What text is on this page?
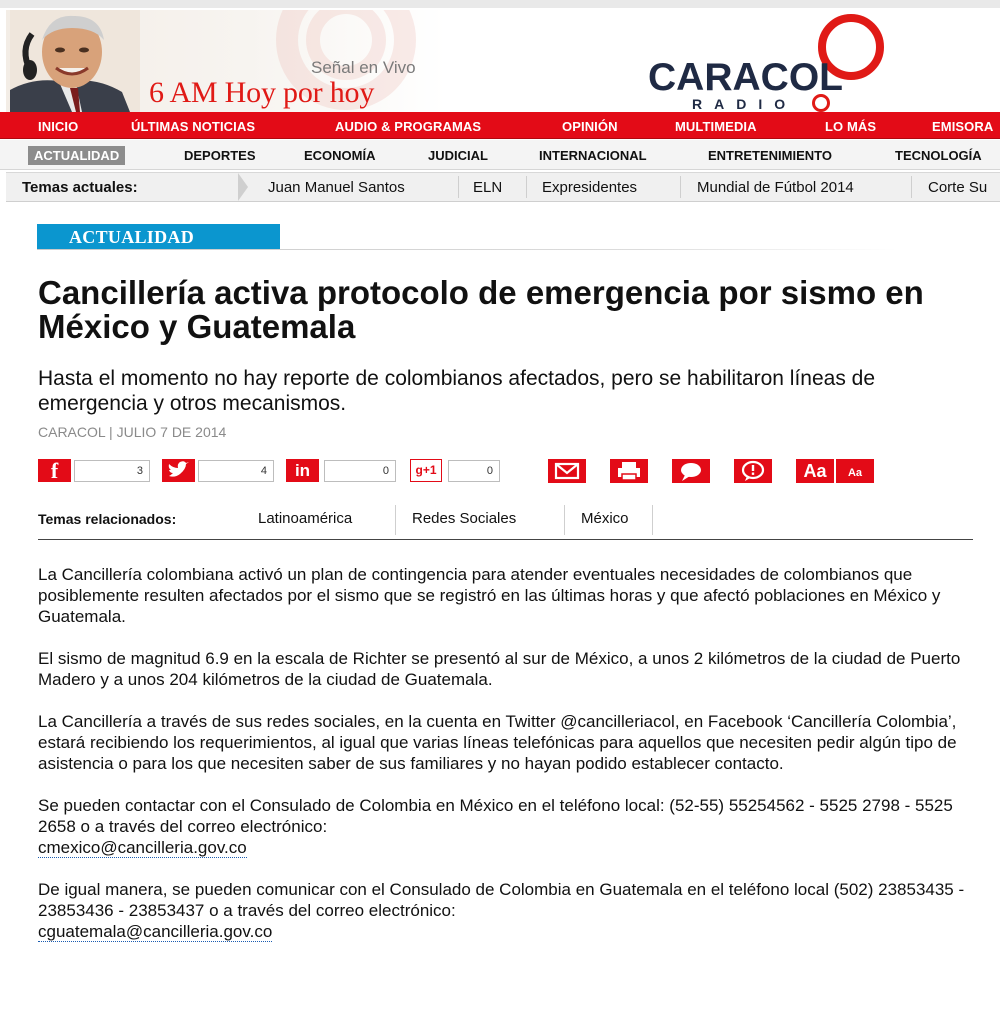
Señal en Vivo
6 AM Hoy por hoy	CARACOL
RADIO
INICIO	ÚLTIMAS NOTICIAS	AUDIO & PROGRAMAS	OPINIÓN	MULTIMEDIA	LO MÁS	EMISORA
ACTUALIDAD	DEPORTES	ECONOMÍA	JUDICIAL	INTERNACIONAL	ENTRETENIMIENTO	TECNOLOGÍA
Temas actuales:	Juan Manuel Santos	ELN	Expresidentes	Mundial de Fútbol 2014	Corte Su
ACTUALIDAD
Cancillería activa protocolo de emergencia por sismo en México y Guatemala
Hasta el momento no hay reporte de colombianos afectados, pero se habilitaron líneas de emergencia y otros mecanismos.
CARACOL | JULIO 7 DE 2014
f	3	4	in	0	g+1	0	Aa	Aa
Temas relacionados:	Latinoamérica	Redes Sociales	México

La Cancillería colombiana activó un plan de contingencia para atender eventuales necesidades de colombianos que posiblemente resulten afectados por el sismo que se registró en las últimas horas y que afectó poblaciones en México y Guatemala.

El sismo de magnitud 6.9 en la escala de Richter se presentó al sur de México, a unos 2 kilómetros de la ciudad de Puerto Madero y a unos 204 kilómetros de la ciudad de Guatemala.

La Cancillería a través de sus redes sociales, en la cuenta en Twitter @cancilleriacol, en Facebook ‘Cancillería Colombia’, estará recibiendo los requerimientos, al igual que varias líneas telefónicas para aquellos que necesiten pedir algún tipo de asistencia o para los que necesiten saber de sus familiares y no hayan podido establecer contacto.

Se pueden contactar con el Consulado de Colombia en México en el teléfono local: (52-55) 55254562 - 5525 2798 - 5525 2658 o a través del correo electrónico:
cmexico@cancilleria.gov.co

De igual manera, se pueden comunicar con el Consulado de Colombia en Guatemala en el teléfono local (502) 23853435 - 23853436 - 23853437 o a través del correo electrónico:
cguatemala@cancilleria.gov.co
